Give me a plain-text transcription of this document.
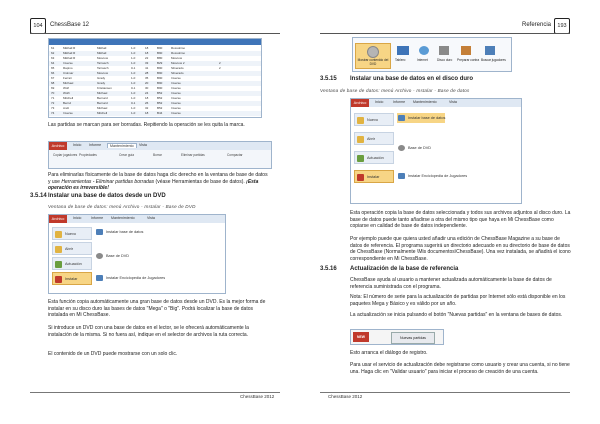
104	ChessBase 12
61	Mikhail R	Mikhail	1-0	18	B90	Rossolimo
62	Mikhail R	Mikhail	1-0	18	B90	Rossolimo
63	Mikhail R	Moscow	1-0	22	B80	Moscow
64	Inverse	Tarrasch	1-0	33	B29	Moscow 2	2
65	Rapino	Tarrasch	0-1	41	B90	Silverado	2
66	Ciolmar	Moscow	1-0	28	B90	Silverado
67	Ferrari	Grady	1-0	35	B90	Inverse
68	Michael	Grady	1-0	20	B90	Inverse
69	Wolf	Kristiansen	0-1	30	B90	Inverse
70	Wolfi	Michael	1-0	24	B52	Inverse
71	Mitchell	Bernard	1-0	18	B52	Inverse
72	Bernd	Bernard	0-1	26	B52	Inverse
73	Andi	Michael	1-0	32	B52	Inverse
74	Inverse	Mitchell	1-0	18	B44	Inverse
Las partidas se marcan para ser borradas. Repitiendo la operación se les quita la marca.
Archivo	Inicio Informe	Mantenimiento	Vista
Copiar jugadores Propiedades	Crear guía	Borrar	Eliminar partidas	Compactar
Para eliminarlas físicamente de la base de datos haga clic derecho en la ventana de base de datos y use Herramientas - Eliminar partidas borradas (véase Herramientas de base de datos). ¡Esta operación es irreversible!
3.5.14 Instalar una base de datos desde un DVD
Ventana de base de datos: menú Archivo - Instalar - Base de DVD
Archivo	Inicio	Informe Mantenimiento	Vista
Nuevo
Abrir
Actuación
Instalar
Instalar base de datos
Base de DVD
Instalar Enciclopedia de Jugadores
Esta función copia automáticamente una gran base de datos desde un DVD. Es la mejor forma de instalar en su disco duro las bases de datos "Mega" o "Big". Podrá localizar la base de datos instalada en Mi ChessBase.
Si introduce un DVD con una base de datos en el lector, se le ofrecerá automáticamente la instalación de la misma. Si no fuera así, indique en el selector de archivos la ruta correcta.
El contenido de un DVD puede mostrarse con un solo clic.
ChessBase 2012
Referencia	193
Mostrar contenido del DVD
Tablero	Internet	Disco duro Preparar contra Buscar jugadores
3.5.15 Instalar una base de datos en el disco duro
Ventana de base de datos: menú Archivo - Instalar - Base de datos
Archivo	Inicio	Informe Mantenimiento	Vista
Nuevo
Abrir
Actuación
Instalar
Instalar base de datos
Base de DVD
Instalar Enciclopedia de Jugadores
Esta operación copia la base de datos seleccionada y todos sus archivos adjuntos al disco duro. La base de datos puede tanto añadirse a otra del mismo tipo que haya en Mi ChessBase como copiarse en calidad de base de datos independiente.
Por ejemplo puede que quiera usted añadir una edición de ChessBase Magazine a su base de datos de referencia. El programa sugerirá un directorio adecuado en su directorio de base de datos de ChessBase (Normalmente \Mis documentos\ChessBase). Una vez instalada, se añadirá el icono correspondiente en Mi ChessBase.
3.5.16 Actualización de la base de referencia
ChessBase ayuda al usuario a mantener actualizada automáticamente la base de datos de referencia suministrada con el programa.
Nota: El número de serie para la actualización de partidas por Internet sólo está disponible en los paquetes Mega y Básico y es válido por un año.
La actualización se inicia pulsando el botón "Nuevas partidas" en la ventana de bases de datos.
NEW	Nuevas partidas
Esto arranca el diálogo de registro.
Para usar el servicio de actualización debe registrarse como usuario y crear una cuenta, si no tiene una. Haga clic en "Validar usuario" para iniciar el proceso de creación de una cuenta.
ChessBase 2012
